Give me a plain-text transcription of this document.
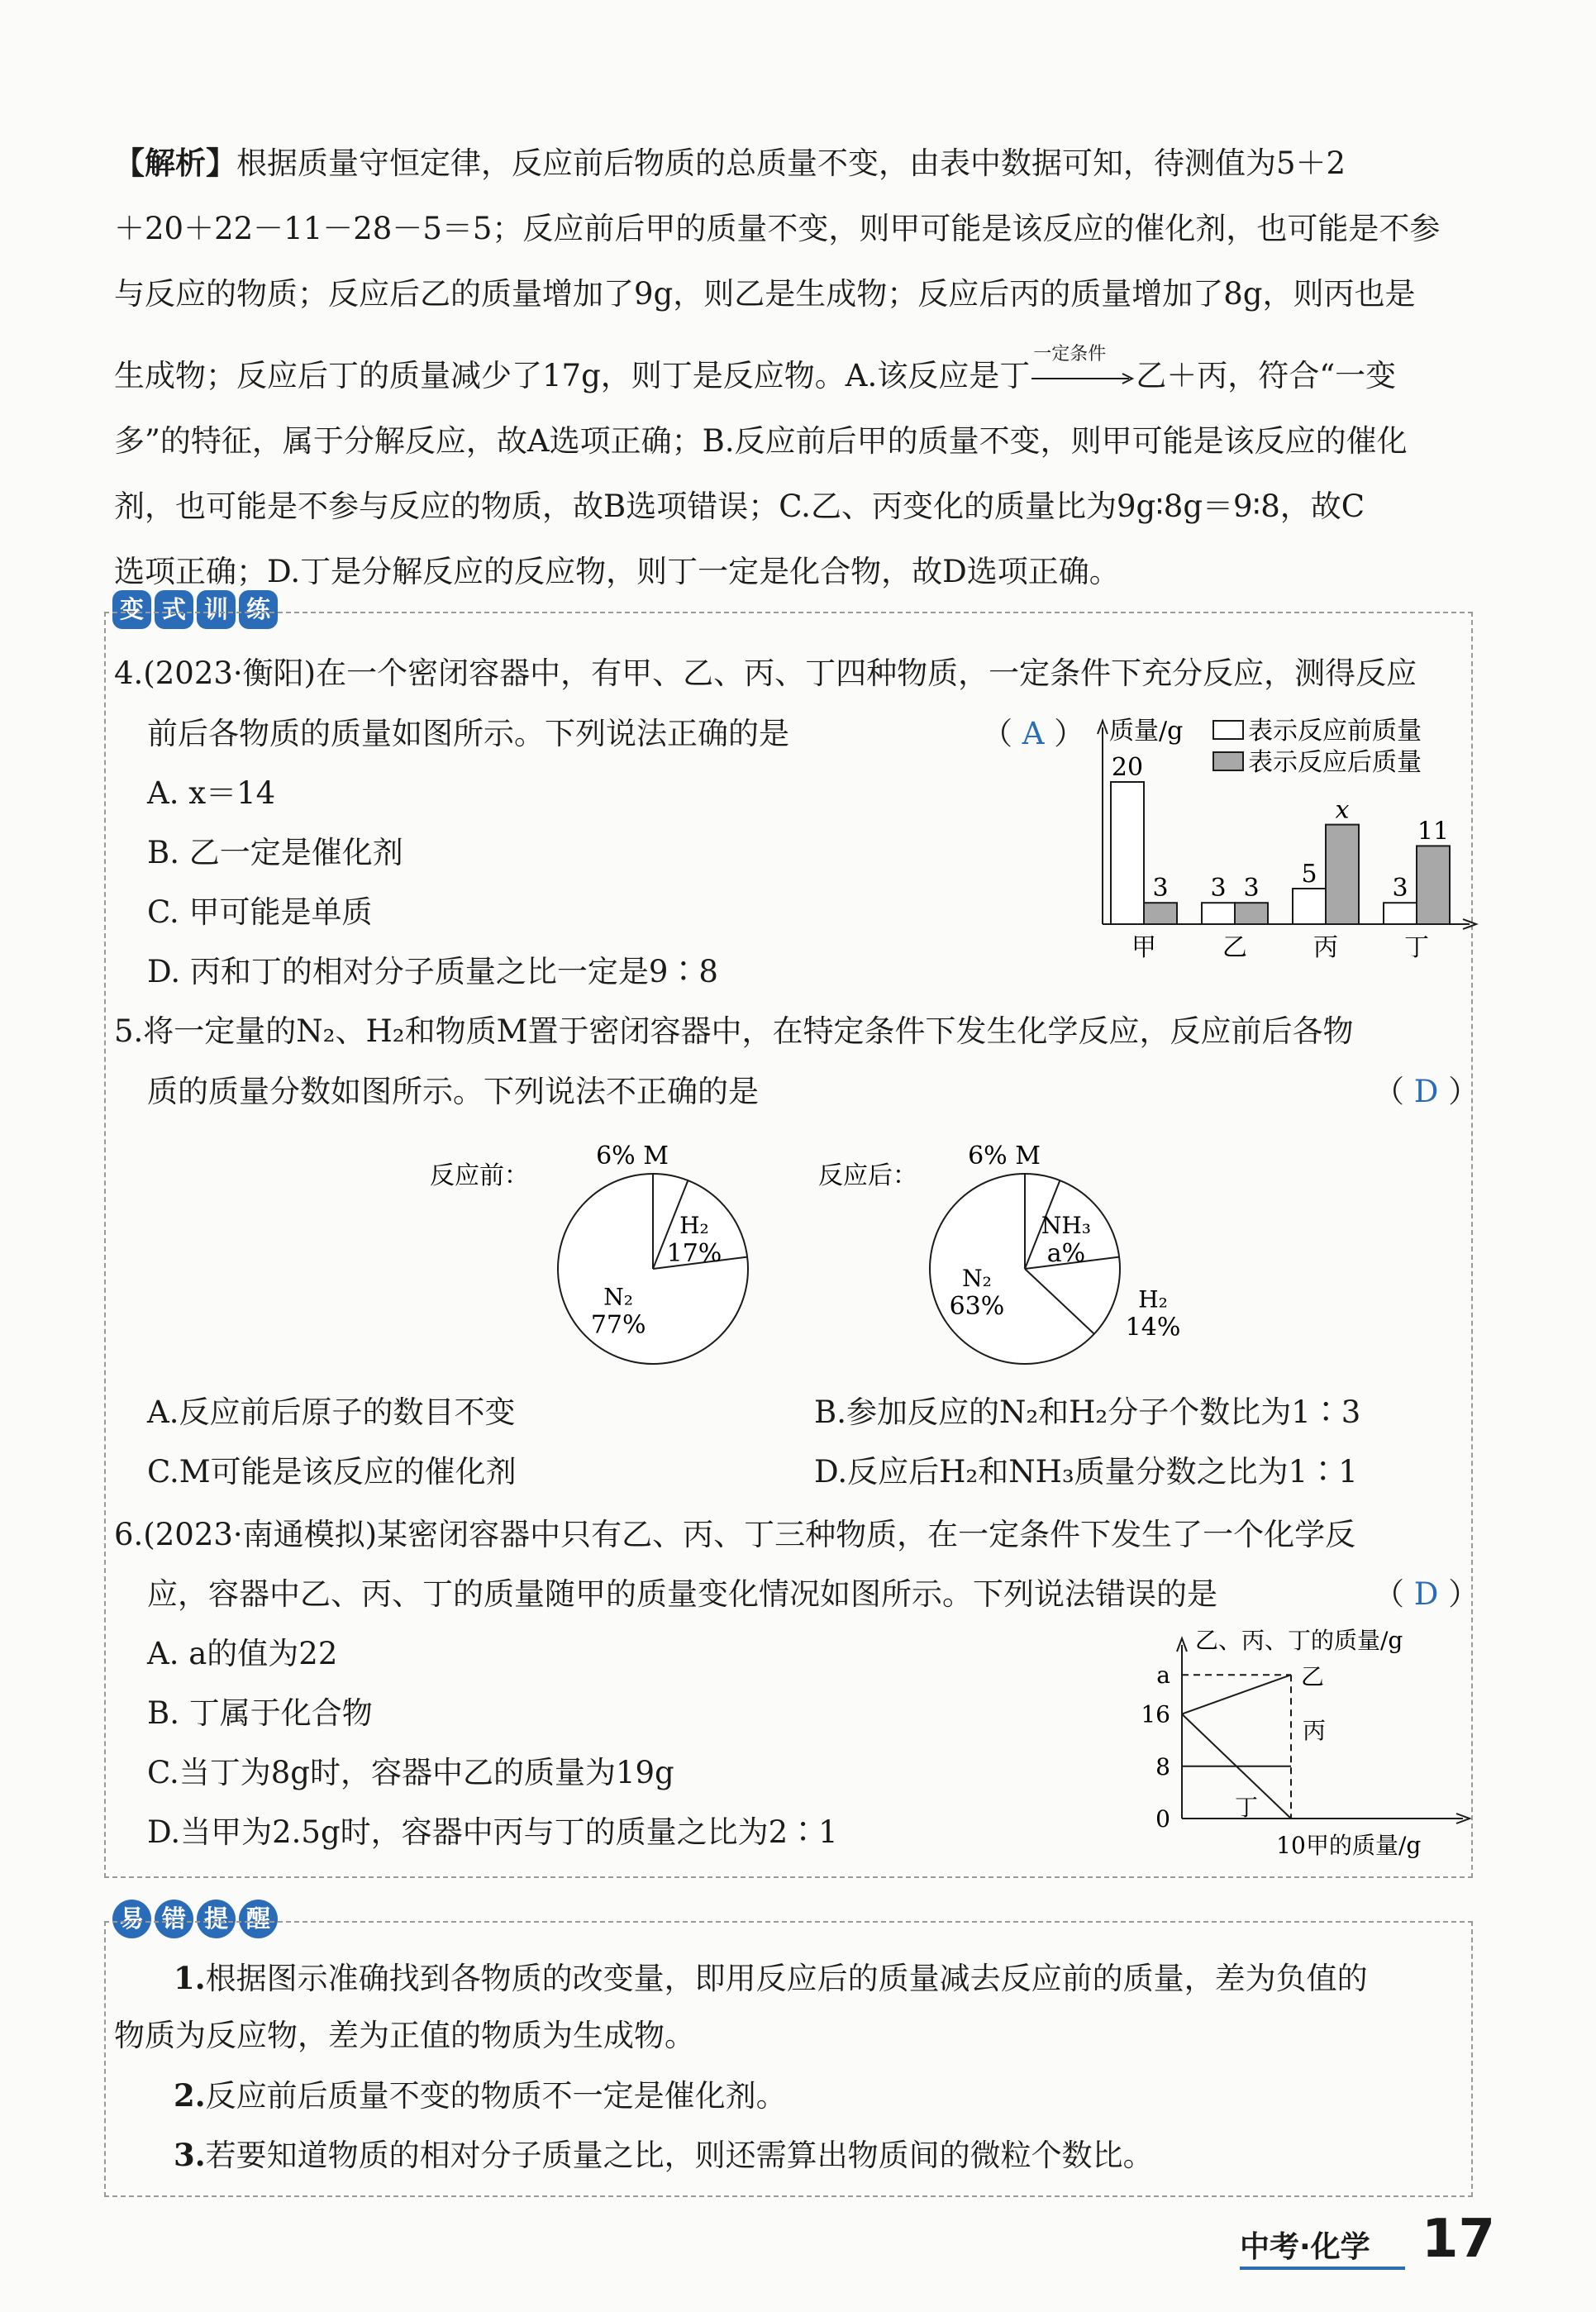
【解析】根据质量守恒定律，反应前后物质的总质量不变，由表中数据可知，待测值为5＋2

＋20＋22－11－28－5＝5；反应前后甲的质量不变，则甲可能是该反应的催化剂，也可能是不参

与反应的物质；反应后乙的质量增加了9g，则乙是生成物；反应后丙的质量增加了8g，则丙也是

生成物；反应后丁的质量减少了17g，则丁是反应物。A.该反应是丁
一定条件
乙＋丙，符合“一变

多”的特征，属于分解反应，故A选项正确；B.反应前后甲的质量不变，则甲可能是该反应的催化

剂，也可能是不参与反应的物质，故B选项错误；C.乙、丙变化的质量比为9g∶8g＝9∶8，故C

选项正确；D.丁是分解反应的反应物，则丁一定是化合物，故D选项正确。

变 式 训 练
4.(2023·衡阳)在一个密闭容器中，有甲、乙、丙、丁四种物质，一定条件下充分反应，测得反应
前后各物质的质量如图所示。下列说法正确的是	（ A ）
A. x＝14
B. 乙一定是催化剂
C. 甲可能是单质
D. 丙和丁的相对分子质量之比一定是9∶8
质量/g	表示反应前质量
表示反应后质量
20
3
甲
3 3
乙
5
x
丙
3
11
丁
5.将一定量的N₂、H₂和物质M置于密闭容器中，在特定条件下发生化学反应，反应前后各物
质的质量分数如图所示。下列说法不正确的是	（ D ）
反应前：
6% M
H₂
17%
N₂
77%
反应后：
6% M
NH₃
a%
H₂
14%
N₂
63%
A.反应前后原子的数目不变	B.参加反应的N₂和H₂分子个数比为1∶3
C.M可能是该反应的催化剂	D.反应后H₂和NH₃质量分数之比为1∶1
6.(2023·南通模拟)某密闭容器中只有乙、丙、丁三种物质，在一定条件下发生了一个化学反
应，容器中乙、丙、丁的质量随甲的质量变化情况如图所示。下列说法错误的是	（ D ）
A. a的值为22
B. 丁属于化合物
C.当丁为8g时，容器中乙的质量为19g
D.当甲为2.5g时，容器中丙与丁的质量之比为2∶1
乙、丙、丁的质量/g
甲的质量/g
a
16
8
0
10
乙
丙
丁
易 错 提 醒
1.根据图示准确找到各物质的改变量，即用反应后的质量减去反应前的质量，差为负值的
物质为反应物，差为正值的物质为生成物。
2.反应前后质量不变的物质不一定是催化剂。
3.若要知道物质的相对分子质量之比，则还需算出物质间的微粒个数比。
中考·化学 17
